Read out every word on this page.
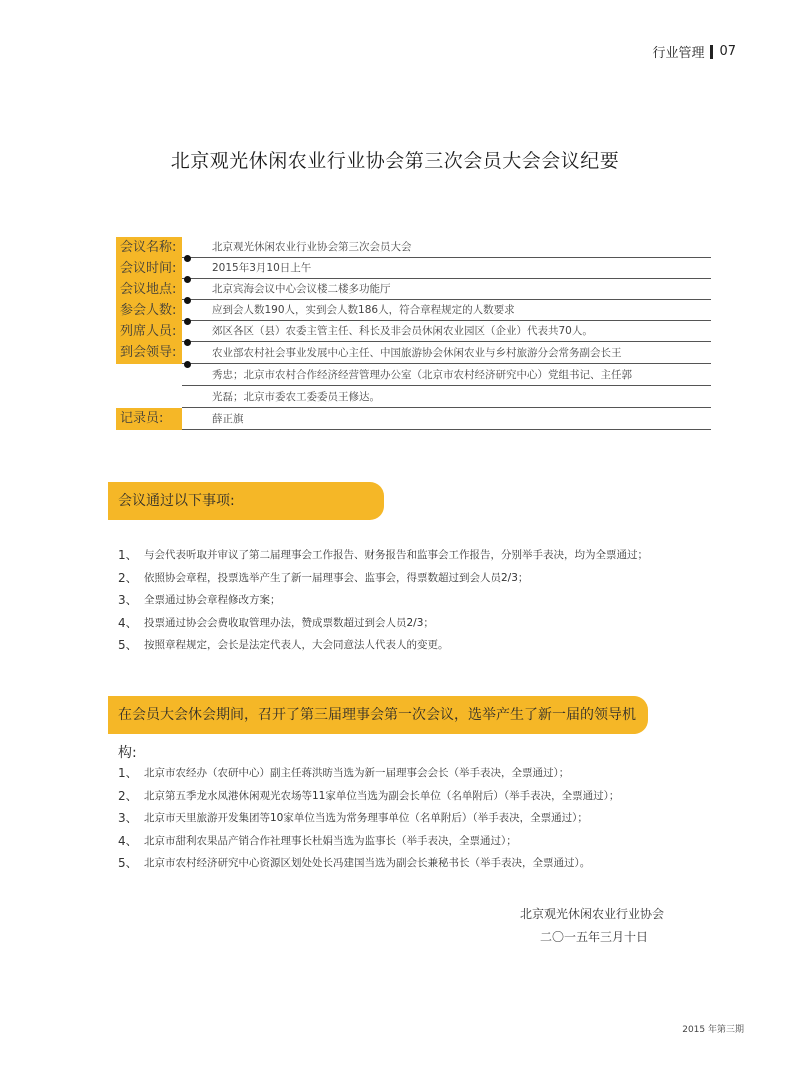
行业管理 07
北京观光休闲农业行业协会第三次会员大会会议纪要
会议名称:	北京观光休闲农业行业协会第三次会员大会
会议时间:	2015年3月10日上午
会议地点:	北京宾海会议中心会议楼二楼多功能厅
参会人数:	应到会人数190人，实到会人数186人，符合章程规定的人数要求
列席人员:	郊区各区（县）农委主管主任、科长及非会员休闲农业园区（企业）代表共70人。
到会领导:	农业部农村社会事业发展中心主任、中国旅游协会休闲农业与乡村旅游分会常务副会长王
秀忠；北京市农村合作经济经营管理办公室（北京市农村经济研究中心）党组书记、主任郭
光磊；北京市委农工委委员王修达。
记录员:	薛正旗
会议通过以下事项:
1、 与会代表听取并审议了第二届理事会工作报告、财务报告和监事会工作报告，分别举手表决，均为全票通过；
2、 依照协会章程，投票选举产生了新一届理事会、监事会，得票数超过到会人员2/3；
3、 全票通过协会章程修改方案；
4、 投票通过协会会费收取管理办法，赞成票数超过到会人员2/3；
5、 按照章程规定，会长是法定代表人，大会同意法人代表人的变更。
在会员大会休会期间，召开了第三届理事会第一次会议，选举产生了新一届的领导机构:
1、 北京市农经办（农研中心）副主任蒋洪昉当选为新一届理事会会长（举手表决，全票通过）；
2、 北京第五季龙水凤港休闲观光农场等11家单位当选为副会长单位（名单附后）（举手表决，全票通过）；
3、 北京市天里旅游开发集团等10家单位当选为常务理事单位（名单附后）（举手表决，全票通过）；
4、 北京市甜利农果品产销合作社理事长杜娟当选为监事长（举手表决，全票通过）；
5、 北京市农村经济研究中心资源区划处处长冯建国当选为副会长兼秘书长（举手表决，全票通过）。
北京观光休闲农业行业协会
二〇一五年三月十日
2015 年第三期
